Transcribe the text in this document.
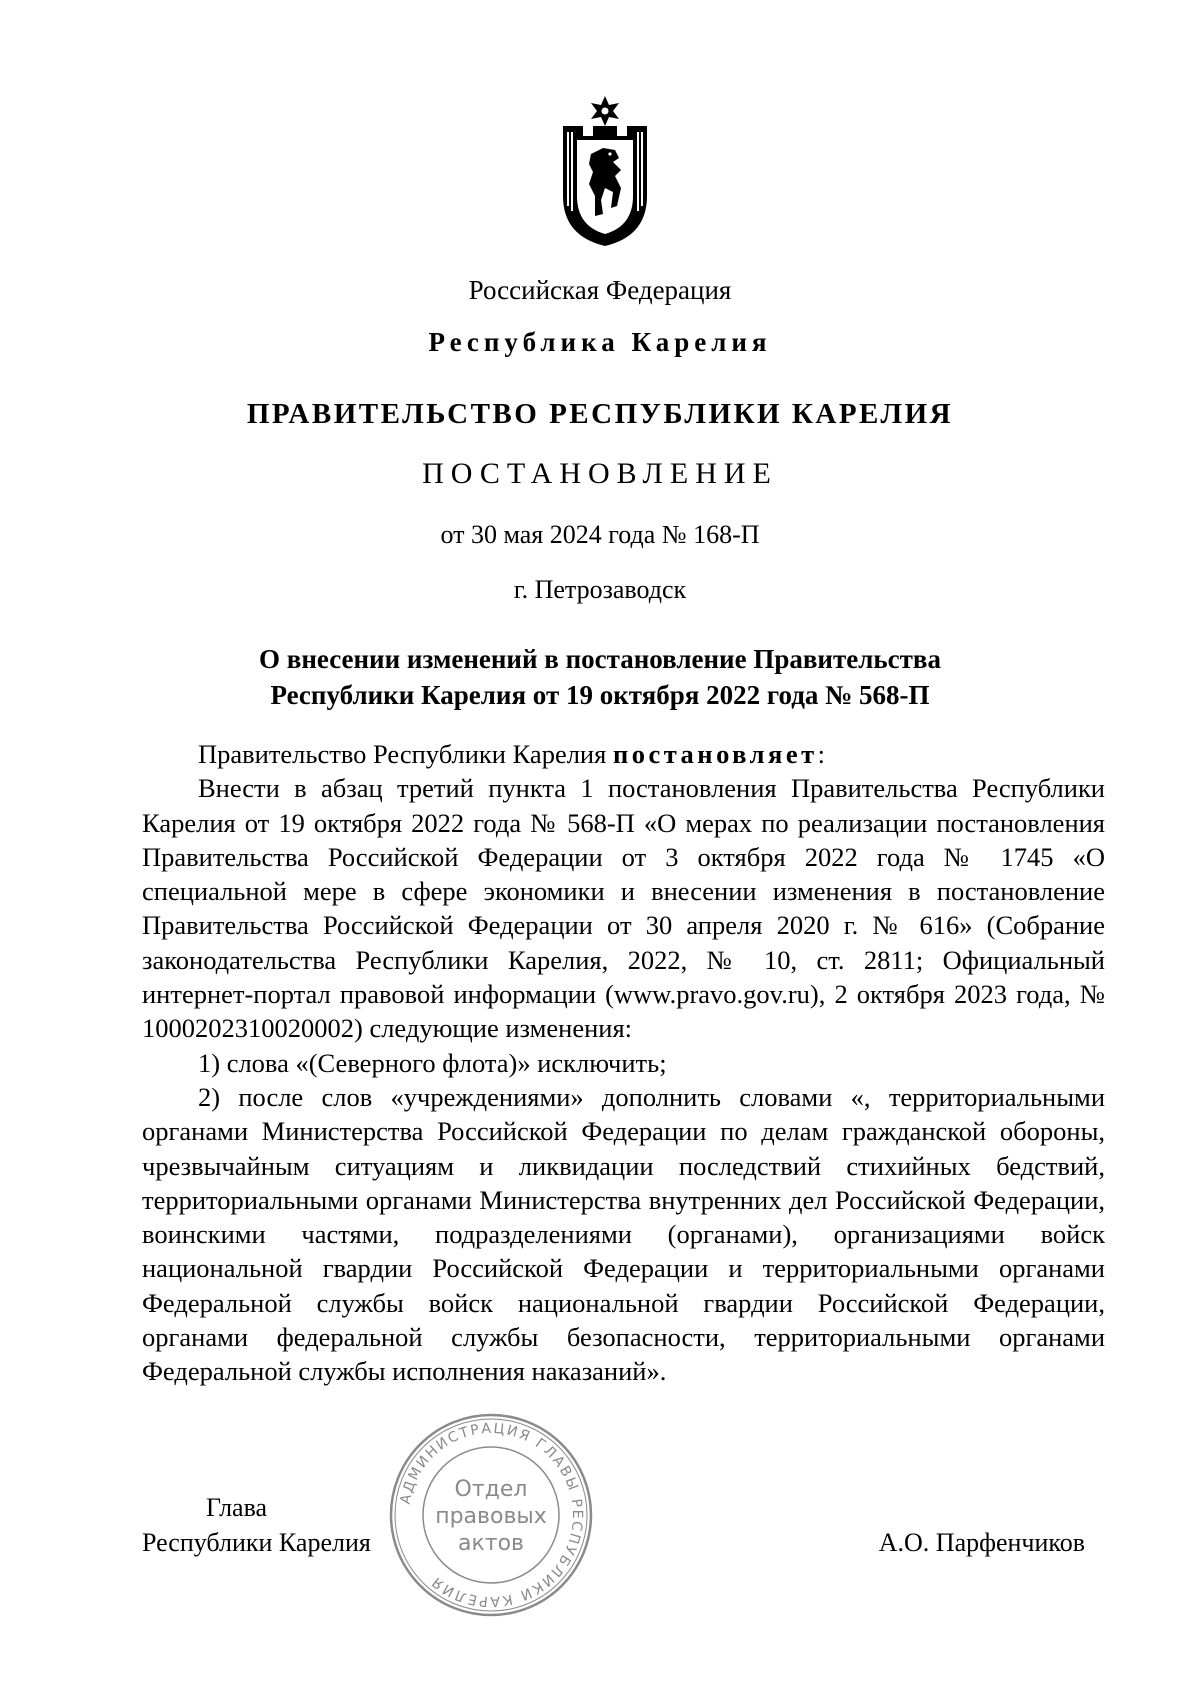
Российская Федерация
Республика Карелия
ПРАВИТЕЛЬСТВО РЕСПУБЛИКИ КАРЕЛИЯ
ПОСТАНОВЛЕНИЕ
от 30 мая 2024 года № 168-П
г. Петрозаводск
О внесении изменений в постановление Правительства
Республики Карелия от 19 октября 2022 года № 568-П

Правительство Республики Карелия постановляет:

Внести в абзац третий пункта 1 постановления Правительства Республики Карелия от 19 октября 2022 года № 568-П «О мерах по реализации постановления Правительства Российской Федерации от 3 октября 2022 года № 1745 «О специальной мере в сфере экономики и внесении изменения в постановление Правительства Российской Федерации от 30 апреля 2020 г. № 616» (Собрание законодательства Республики Карелия, 2022, № 10, ст. 2811; Официальный интернет-портал правовой информации (www.pravo.gov.ru), 2 октября 2023 года, № 1000202310020002) следующие изменения:

1) слова «(Северного флота)» исключить;

2) после слов «учреждениями» дополнить словами «, территориальными органами Министерства Российской Федерации по делам гражданской обороны, чрезвычайным ситуациям и ликвидации последствий стихийных бедствий, территориальными органами Министерства внутренних дел Российской Федерации, воинскими частями, подразделениями (органами), организациями войск национальной гвардии Российской Федерации и территориальными органами Федеральной службы войск национальной гвардии Российской Федерации, органами федеральной службы безопасности, территориальными органами Федеральной службы исполнения наказаний».

Глава
Республики Карелия	А.О. Парфенчиков
АДМИНИСТРАЦИЯ ГЛАВЫ РЕСПУБЛИКИ КАРЕЛИЯ
Отдел
правовых
актов
